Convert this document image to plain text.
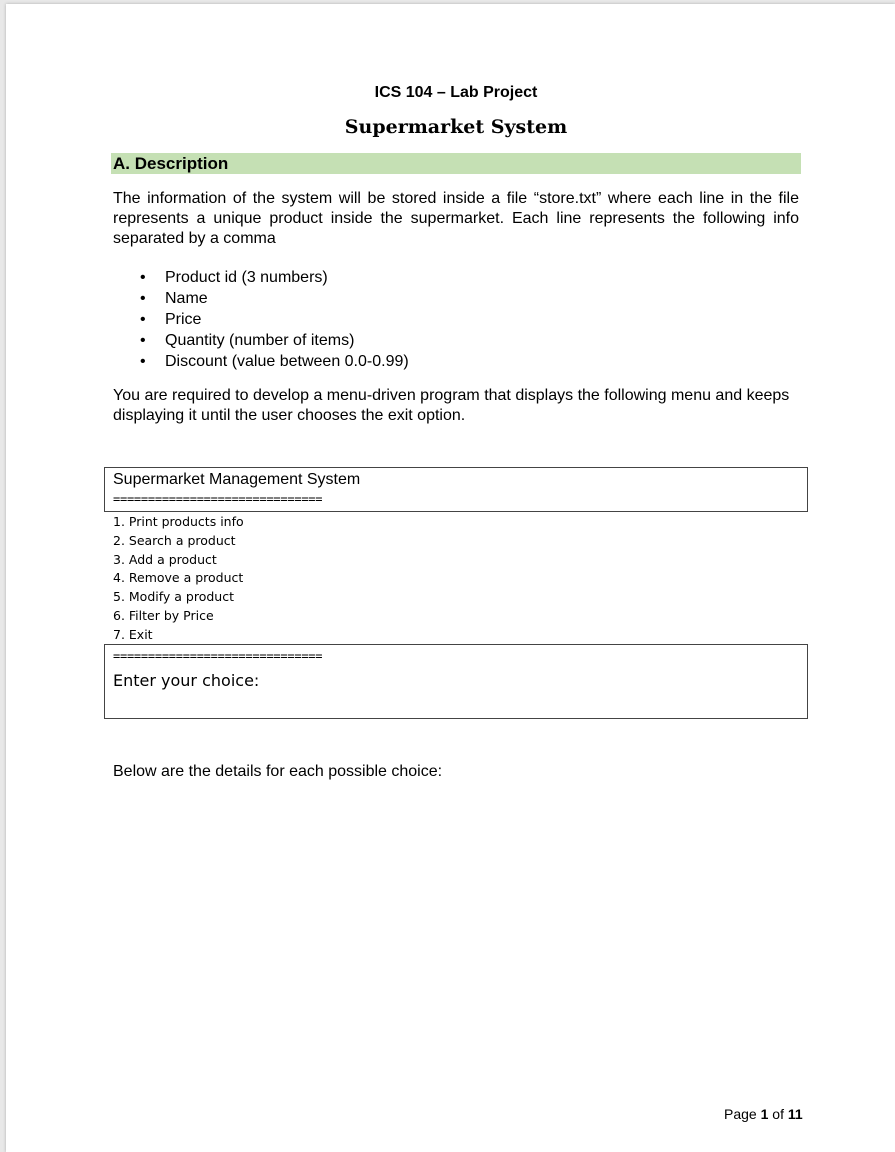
ICS 104 – Lab Project
Supermarket System
A. Description

The information of the system will be stored inside a file “store.txt” where each line in the file represents a unique product inside the supermarket. Each line represents the following info separated by a comma

• Product id (3 numbers)
• Name
• Price
• Quantity (number of items)
• Discount (value between 0.0-0.99)

You are required to develop a menu-driven program that displays the following menu and keeps displaying it until the user chooses the exit option.

Supermarket Management System
==============================
1. Print products info
2. Search a product
3. Add a product
4. Remove a product
5. Modify a product
6. Filter by Price
7. Exit
==============================
Enter your choice:

Below are the details for each possible choice:

Page 1 of 11
